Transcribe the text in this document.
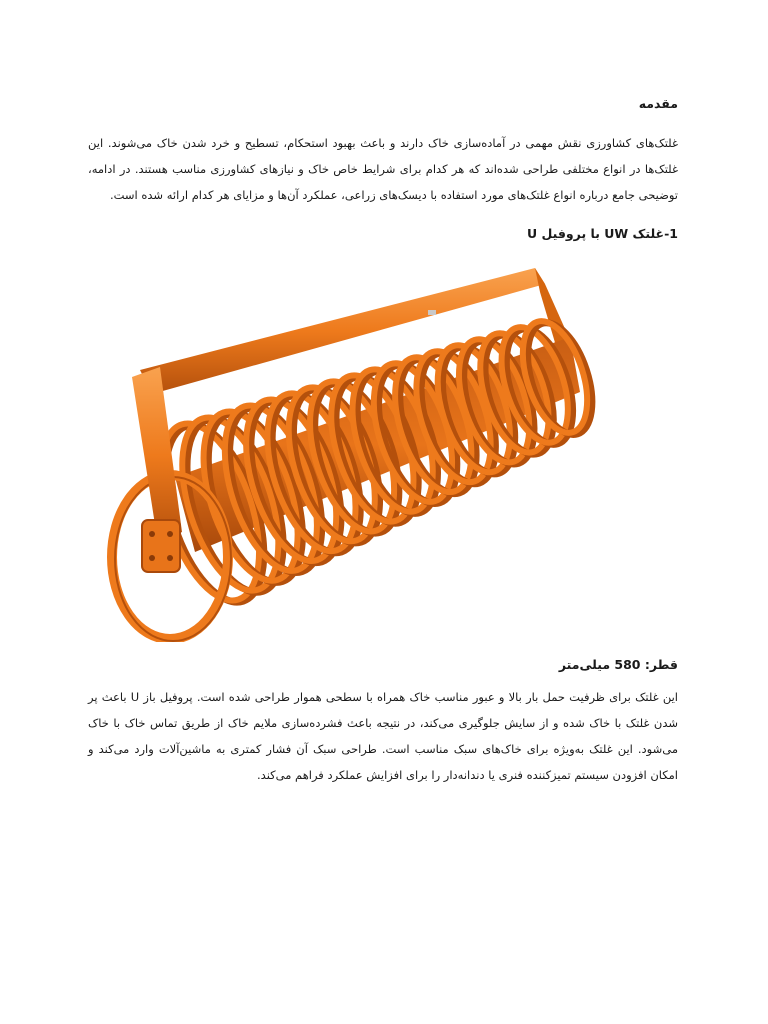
مقدمه
غلتک‌های کشاورزی نقش مهمی در آماده‌سازی خاک دارند و باعث بهبود استحکام، تسطیح و خرد شدن خاک می‌شوند. این غلتک‌ها در انواع مختلفی طراحی شده‌اند که هر کدام برای شرایط خاص خاک و نیازهای کشاورزی مناسب هستند. در ادامه، توضیحی جامع درباره انواع غلتک‌های مورد استفاده با دیسک‌های زراعی، عملکرد آن‌ها و مزایای هر کدام ارائه شده است.
1-غلتک UW با پروفیل U
قطر: 580 میلی‌متر
این غلتک برای ظرفیت حمل بار بالا و عبور مناسب خاک همراه با سطحی هموار طراحی شده است. پروفیل باز U باعث پر شدن غلتک با خاک شده و از سایش جلوگیری می‌کند، در نتیجه باعث فشرده‌سازی ملایم خاک از طریق تماس خاک با خاک می‌شود. این غلتک به‌ویژه برای خاک‌های سبک مناسب است. طراحی سبک آن فشار کمتری به ماشین‌آلات وارد می‌کند و امکان افزودن سیستم تمیزکننده فنری یا دندانه‌دار را برای افزایش عملکرد فراهم می‌کند.
